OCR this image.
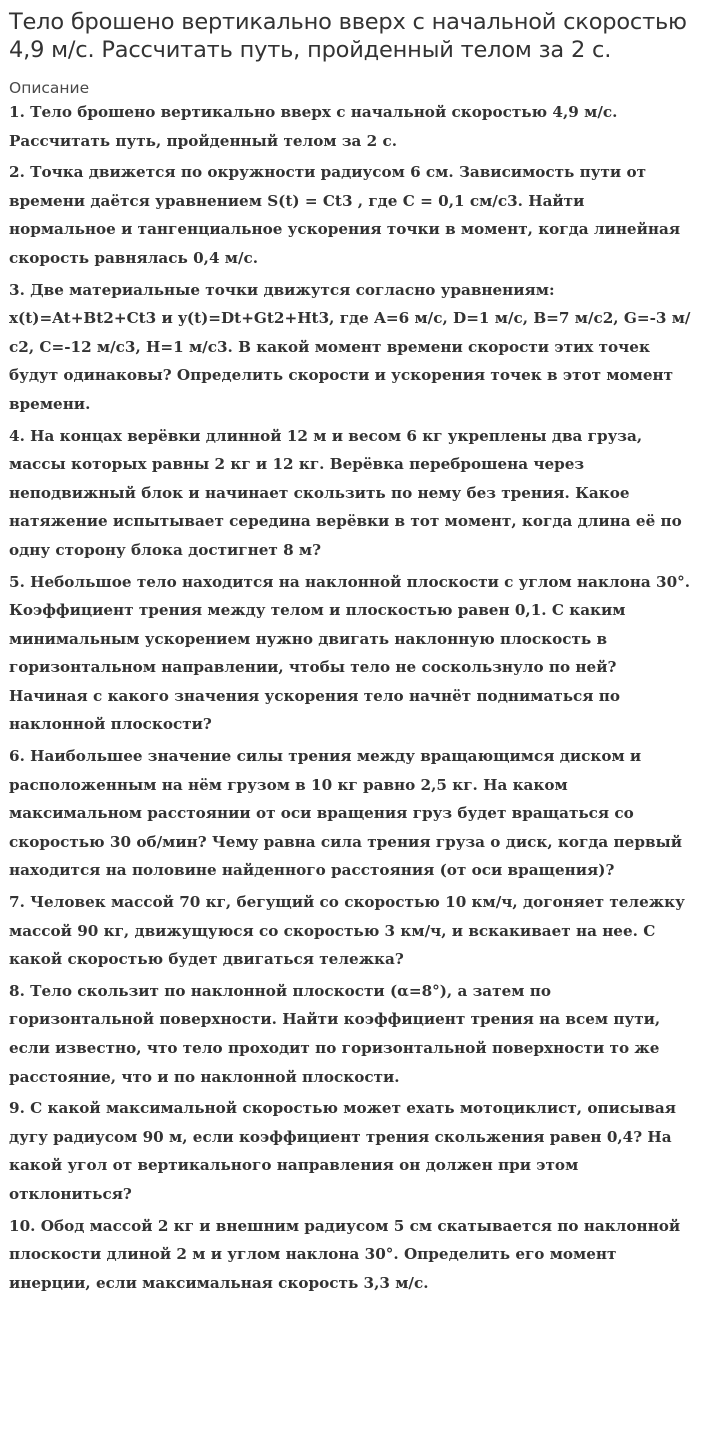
Тело брошено вертикально вверх с начальной скоростью 4,9 м/с. Рассчитать путь, пройденный телом за 2 с.
Описание
1. Тело брошено вертикально вверх с начальной скоростью 4,9 м/с. Рассчитать путь, пройденный телом за 2 с.
2. Точка движется по окружности радиусом 6 см. Зависимость пути от времени даётся уравнением S(t) = Ct3 , где C = 0,1 см/с3. Найти нормальное и тангенциальное ускорения точки в момент, когда линейная скорость равнялась 0,4 м/с.
3. Две материальные точки движутся согласно уравнениям: x(t)=At+Bt2+Ct3 и y(t)=Dt+Gt2+Ht3, где A=6 м/с, D=1 м/с, B=7 м/с2, G=-3 м/с2, C=-12 м/с3, H=1 м/с3. В какой момент времени скорости этих точек будут одинаковы? Определить скорости и ускорения точек в этот момент времени.
4. На концах верёвки длинной 12 м и весом 6 кг укреплены два груза, массы которых равны 2 кг и 12 кг. Верёвка переброшена через неподвижный блок и начинает скользить по нему без трения. Какое натяжение испытывает середина верёвки в тот момент, когда длина её по одну сторону блока достигнет 8 м?
5. Небольшое тело находится на наклонной плоскости с углом наклона 30°. Коэффициент трения между телом и плоскостью равен 0,1. С каким минимальным ускорением нужно двигать наклонную плоскость в горизонтальном направлении, чтобы тело не соскользнуло по ней? Начиная с какого значения ускорения тело начнёт подниматься по наклонной плоскости?
6. Наибольшее значение силы трения между вращающимся диском и расположенным на нём грузом в 10 кг равно 2,5 кг. На каком максимальном расстоянии от оси вращения груз будет вращаться со скоростью 30 об/мин? Чему равна сила трения груза о диск, когда первый находится на половине найденного расстояния (от оси вращения)?
7. Человек массой 70 кг, бегущий со скоростью 10 км/ч, догоняет тележку массой 90 кг, движущуюся со скоростью 3 км/ч, и вскакивает на нее. С какой скоростью будет двигаться тележка?
8. Тело скользит по наклонной плоскости (α=8°), а затем по горизонтальной поверхности. Найти коэффициент трения на всем пути, если известно, что тело проходит по горизонтальной поверхности то же расстояние, что и по наклонной плоскости.
9. С какой максимальной скоростью может ехать мотоциклист, описывая дугу радиусом 90 м, если коэффициент трения скольжения равен 0,4? На какой угол от вертикального направления он должен при этом отклониться?
10. Обод массой 2 кг и внешним радиусом 5 см скатывается по наклонной плоскости длиной 2 м и углом наклона 30°. Определить его момент инерции, если максимальная скорость 3,3 м/с.
